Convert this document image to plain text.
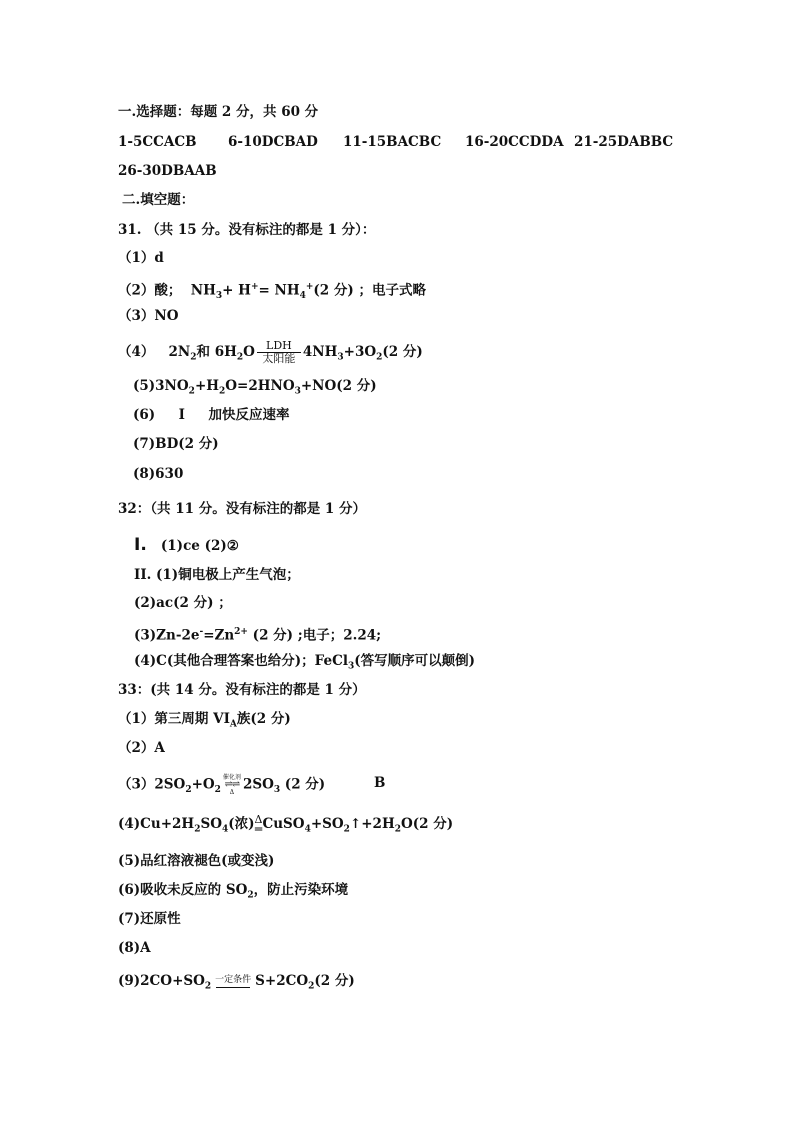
一.选择题：每题 2 分，共 60 分
1-5CCACB 6-10DCBAD 11-15BACBC 16-20CCDDA 21-25DABBC
26-30DBAAB
二.填空题：
31. （共 15 分。没有标注的都是 1 分）：
（1）d
（2）酸；  $NH_3+ H^+= NH_4^+(2$ 分) ；电子式略
（3）NO
（4）   $2N_2$和 $6H_2O \frac{\text{LDH}}{\text{太阳能}} 4NH_3+3O_2(2$ 分)
$(5)3NO_2+H_2O=2HNO_3+NO(2$ 分)
(6) I 加快反应速率
(7)BD(2 分)
(8)630
32：（共 11 分。没有标注的都是 1 分）
I. (1)ce (2)②
II. (1)铜电极上产生气泡；
(2)ac(2 分) ；
$(3)Zn-2e^-=Zn^{2+}$ (2 分) ;电子；2.24;
(4)C(其他合理答案也给分)；FeCl$_3$(答写顺序可以颠倒)
33：(共 14 分。没有标注的都是 1 分）
（1）第三周期 $VI_A$族(2 分)
（2）A
$(3)2SO_2+O_2$
催化剂
⇌⇌
Δ $2SO_3$ (2 分)	B
$(4)Cu+2H_2SO_4$(浓) Δ
═ $CuSO_4+SO_2↑+2H_2O(2$ 分)
(5)品红溶液褪色(或变浅)
(6)吸收未反应的 $SO_2$，防止污染环境
(7)还原性
(8)A
$(9)2CO+SO_2$
一定条件 $S+2CO_2(2$ 分)
